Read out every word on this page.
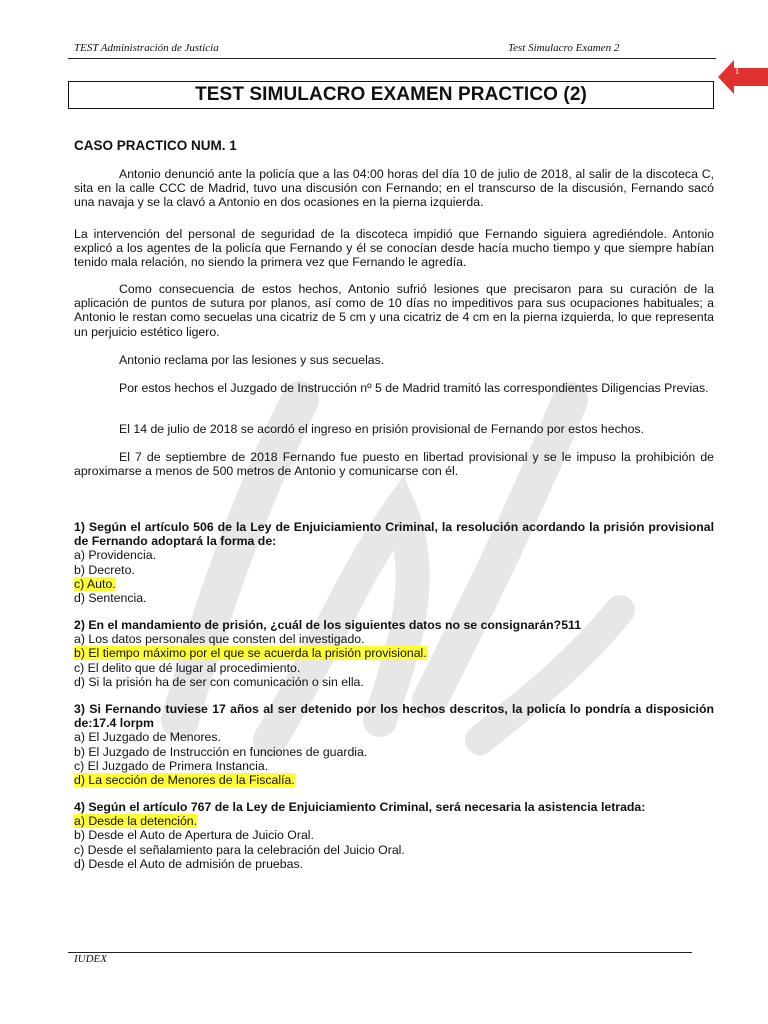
TEST Administración de Justicia	Test Simulacro Examen 2
1
TEST SIMULACRO EXAMEN PRACTICO (2)
CASO PRACTICO NUM. 1

Antonio denunció ante la policía que a las 04:00 horas del día 10 de julio de 2018, al salir de la discoteca C, sita en la calle CCC de Madrid, tuvo una discusión con Fernando; en el transcurso de la discusión, Fernando sacó una navaja y se la clavó a Antonio en dos ocasiones en la pierna izquierda.

La intervención del personal de seguridad de la discoteca impidió que Fernando siguiera agrediéndole. Antonio explicó a los agentes de la policía que Fernando y él se conocían desde hacía mucho tiempo y que siempre habían tenido mala relación, no siendo la primera vez que Fernando le agredía.

Como consecuencia de estos hechos, Antonio sufrió lesiones que precisaron para su curación de la aplicación de puntos de sutura por planos, así como de 10 días no impeditivos para sus ocupaciones habituales; a Antonio le restan como secuelas una cicatriz de 5 cm y una cicatriz de 4 cm en la pierna izquierda, lo que representa un perjuicio estético ligero.

Antonio reclama por las lesiones y sus secuelas.

Por estos hechos el Juzgado de Instrucción nº 5 de Madrid tramitó las correspondientes Diligencias Previas.

El 14 de julio de 2018 se acordó el ingreso en prisión provisional de Fernando por estos hechos.

El 7 de septiembre de 2018 Fernando fue puesto en libertad provisional y se le impuso la prohibición de aproximarse a menos de 500 metros de Antonio y comunicarse con él.

1) Según el artículo 506 de la Ley de Enjuiciamiento Criminal, la resolución acordando la prisión provisional de Fernando adoptará la forma de:
a) Providencia.
b) Decreto.
c) Auto.
d) Sentencia.
2) En el mandamiento de prisión, ¿cuál de los siguientes datos no se consignarán?511
a) Los datos personales que consten del investigado.
b) El tiempo máximo por el que se acuerda la prisión provisional.
c) El delito que dé lugar al procedimiento.
d) Si la prisión ha de ser con comunicación o sin ella.
3) Si Fernando tuviese 17 años al ser detenido por los hechos descritos, la policía lo pondría a disposición de:17.4 lorpm
a) El Juzgado de Menores.
b) El Juzgado de Instrucción en funciones de guardia.
c) El Juzgado de Primera Instancia.
d) La sección de Menores de la Fiscalía.
4) Según el artículo 767 de la Ley de Enjuiciamiento Criminal, será necesaria la asistencia letrada:
a) Desde la detención.
b) Desde el Auto de Apertura de Juicio Oral.
c) Desde el señalamiento para la celebración del Juicio Oral.
d) Desde el Auto de admisión de pruebas.
IUDEX
